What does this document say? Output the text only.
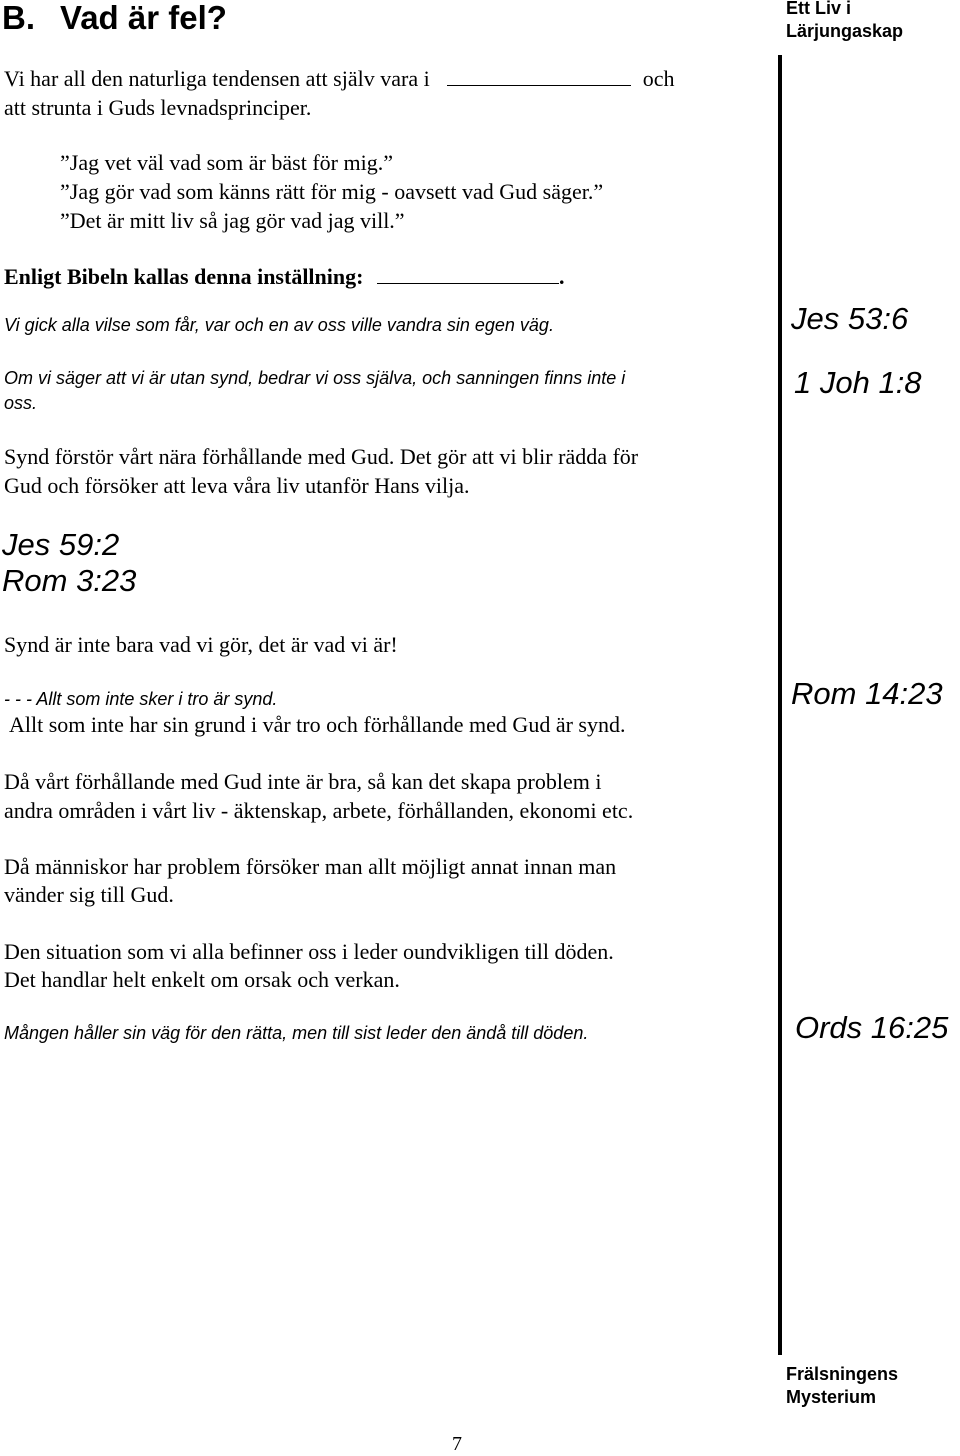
B. Vad är fel?	Ett Liv i
Lärjungaskap
Vi har all den naturliga tendensen att själv vara i	och
att strunta i Guds levnadsprinciper.
”Jag vet väl vad som är bäst för mig.”
”Jag gör vad som känns rätt för mig - oavsett vad Gud säger.”
”Det är mitt liv så jag gör vad jag vill.”
Enligt Bibeln kallas denna inställning:	.
Vi gick alla vilse som får, var och en av oss ville vandra sin egen väg.	Jes 53:6
Om vi säger att vi är utan synd, bedrar vi oss själva, och sanningen finns inte i
oss.
1 Joh 1:8
Synd förstör vårt nära förhållande med Gud. Det gör att vi blir rädda för
Gud och försöker att leva våra liv utanför Hans vilja.
Jes 59:2
Rom 3:23
Synd är inte bara vad vi gör, det är vad vi är!
- - - Allt som inte sker i tro är synd.
Allt som inte har sin grund i vår tro och förhållande med Gud är synd.
Rom 14:23
Då vårt förhållande med Gud inte är bra, så kan det skapa problem i
andra områden i vårt liv - äktenskap, arbete, förhållanden, ekonomi etc.
Då människor har problem försöker man allt möjligt annat innan man
vänder sig till Gud.
Den situation som vi alla befinner oss i leder oundvikligen till döden.
Det handlar helt enkelt om orsak och verkan.
Mången håller sin väg för den rätta, men till sist leder den ändå till döden.	Ords 16:25
Frälsningens
Mysterium
7
